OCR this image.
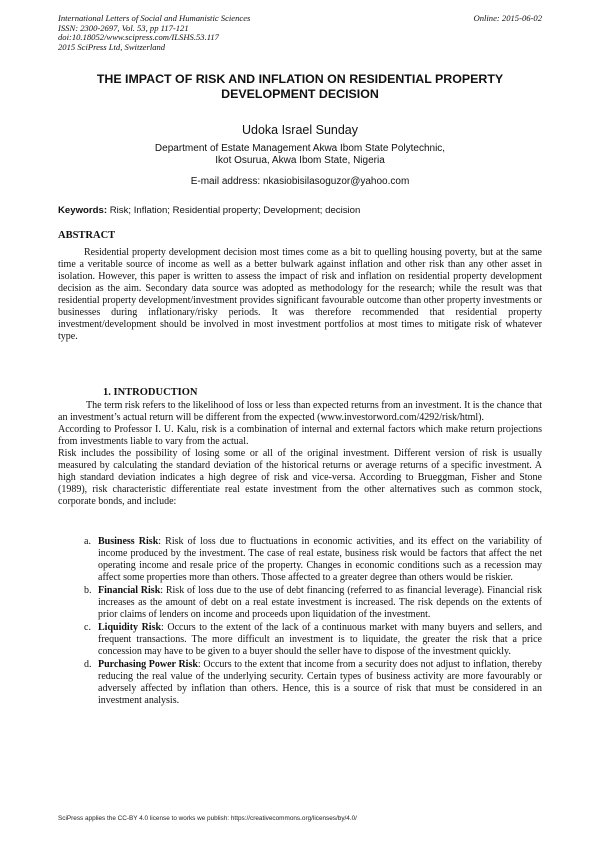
International Letters of Social and Humanistic Sciences
ISSN: 2300-2697, Vol. 53, pp 117-121
doi:10.18052/www.scipress.com/ILSHS.53.117
2015 SciPress Ltd, Switzerland
Online: 2015-06-02
THE IMPACT OF RISK AND INFLATION ON RESIDENTIAL PROPERTY
DEVELOPMENT DECISION
Udoka Israel Sunday
Department of Estate Management Akwa Ibom State Polytechnic,
Ikot Osurua, Akwa Ibom State, Nigeria
E-mail address: nkasiobisilasoguzor@yahoo.com
Keywords: Risk; Inflation; Residential property; Development; decision
ABSTRACT
Residential property development decision most times come as a bit to quelling housing poverty, but at the same time a veritable source of income as well as a better bulwark against inflation and other risk than any other asset in isolation. However, this paper is written to assess the impact of risk and inflation on residential property development decision as the aim. Secondary data source was adopted as methodology for the research; while the result was that residential property development/investment provides significant favourable outcome than other property investments or businesses during inflationary/risky periods. It was therefore recommended that residential property investment/development should be involved in most investment portfolios at most times to mitigate risk of whatever type.
1. INTRODUCTION

The term risk refers to the likelihood of loss or less than expected returns from an investment. It is the chance that an investment’s actual return will be different from the expected (www.investorword.com/4292/risk/html).

According to Professor I. U. Kalu, risk is a combination of internal and external factors which make return projections from investments liable to vary from the actual.

Risk includes the possibility of losing some or all of the original investment. Different version of risk is usually measured by calculating the standard deviation of the historical returns or average returns of a specific investment. A high standard deviation indicates a high degree of risk and vice-versa. According to Brueggman, Fisher and Stone (1989), risk characteristic differentiate real estate investment from the other alternatives such as common stock, corporate bonds, and include:

a. Business Risk: Risk of loss due to fluctuations in economic activities, and its effect on the variability of income produced by the investment. The case of real estate, business risk would be factors that affect the net operating income and resale price of the property. Changes in economic conditions such as a recession may affect some properties more than others. Those affected to a greater degree than others would be riskier.
b. Financial Risk: Risk of loss due to the use of debt financing (referred to as financial leverage). Financial risk increases as the amount of debt on a real estate investment is increased. The risk depends on the extents of prior claims of lenders on income and proceeds upon liquidation of the investment.
c. Liquidity Risk: Occurs to the extent of the lack of a continuous market with many buyers and sellers, and frequent transactions. The more difficult an investment is to liquidate, the greater the risk that a price concession may have to be given to a buyer should the seller have to dispose of the investment quickly.
d. Purchasing Power Risk: Occurs to the extent that income from a security does not adjust to inflation, thereby reducing the real value of the underlying security. Certain types of business activity are more favourably or adversely affected by inflation than others. Hence, this is a source of risk that must be considered in an investment analysis.
SciPress applies the CC-BY 4.0 license to works we publish: https://creativecommons.org/licenses/by/4.0/
